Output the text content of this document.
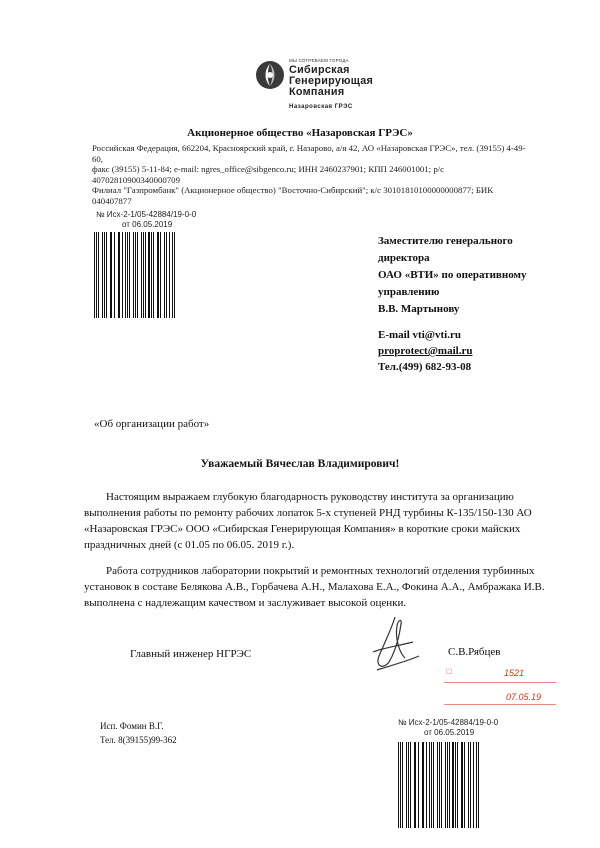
МЫ СОГРЕВАЕМ ГОРОДА
Сибирская
Генерирующая
Компания
Назаровская ГРЭС
Акционерное общество «Назаровская ГРЭС»
Российская Федерация, 662204, Красноярский край, г. Назарово, а/я 42, АО «Назаровская ГРЭС», тел. (39155) 4-49-60,
факс (39155) 5-11-84; e-mail: ngres_office@sibgenco.ru; ИНН 2460237901; КПП 246001001; р/с 40702810900340000709
Филиал "Газпромбанк" (Акционерное общество) "Восточно-Сибирский"; к/с 30101810100000000877; БИК 040407877
№ Исх-2-1/05-42884/19-0-0
от 06.05.2019
Заместителю генерального
директора
ОАО «ВТИ» по оперативному
управлению
В.В. Мартынову
E-mail vti@vti.ru
proprotect@mail.ru
Тел.(499) 682-93-08
«Об организации работ»
Уважаемый Вячеслав Владимирович!
Настоящим выражаем глубокую благодарность руководству института за организацию выполнения работы по ремонту рабочих лопаток 5-х ступеней РНД турбины К-135/150-130 АО «Назаровская ГРЭС» ООО «Сибирская Генерирующая Компания» в короткие сроки майских праздничных дней (с 01.05 по 06.05. 2019 г.).
Работа сотрудников лаборатории покрытий и ремонтных технологий отделения турбинных установок в составе Белякова А.В., Горбачева А.Н., Малахова Е.А., Фокина А.А., Амбражака И.В. выполнена с надлежащим качеством и заслуживает высокой оценки.
Главный инженер НГРЭС	С.В.Рябцев
☐	1521
07.05.19
Исп. Фомин В.Г.
Тел. 8(39155)99-362
№ Исх-2-1/05-42884/19-0-0
от 06.05.2019
